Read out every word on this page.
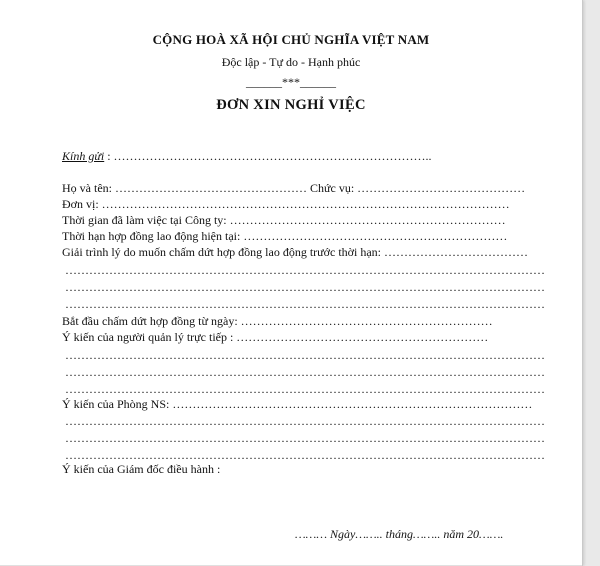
CỘNG HOÀ XÃ HỘI CHỦ NGHĨA VIỆT NAM
Độc lập - Tự do - Hạnh phúc
______***______
ĐƠN XIN NGHỈ VIỆC
Kính gửi : ……………………………………………………………………..
Họ và tên: ………………………………………… Chức vụ: ……………………………………
Đơn vị: …………………………………………………………………………………………
Thời gian đã làm việc tại Công ty: ……………………………………………………………
Thời hạn hợp đồng lao động hiện tại: …………………………………………………………
Giải trình lý do muốn chấm dứt hợp đồng lao động trước thời hạn: ………………………………
…………………………………………………………………………………………………………
…………………………………………………………………………………………………………
…………………………………………………………………………………………………………
Bắt đầu chấm dứt hợp đồng từ ngày: ………………………………………………………
Ý kiến của người quản lý trực tiếp : ………………………………………………………
…………………………………………………………………………………………………………
…………………………………………………………………………………………………………
…………………………………………………………………………………………………………
Ý kiến của Phòng NS: ………………………………………………………………………………
…………………………………………………………………………………………………………
…………………………………………………………………………………………………………
…………………………………………………………………………………………………………
Ý kiến của Giám đốc điều hành :
……… Ngày…….. tháng…….. năm 20…….
